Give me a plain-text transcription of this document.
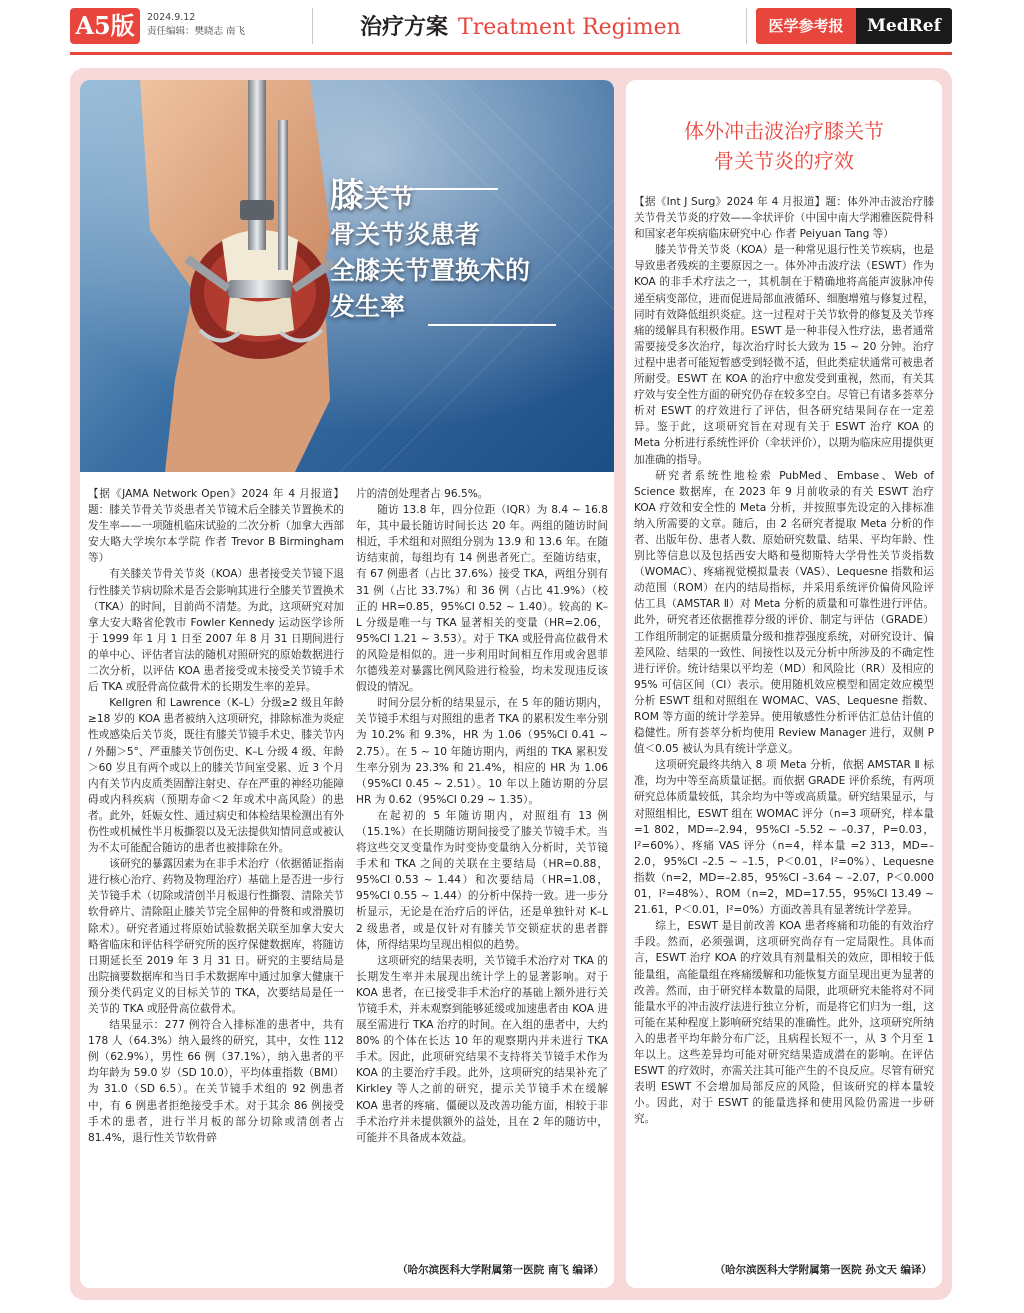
A5版	2024.9.12
责任编辑：樊晓志 南飞	治疗方案 Treatment Regimen	医学参考报	MedRef
膝关节
骨关节炎患者
全膝关节置换术的
发生率

【据《JAMA Network Open》2024 年 4 月报道】题：膝关节骨关节炎患者关节镜术后全膝关节置换术的发生率——一项随机临床试验的二次分析（加拿大西部安大略大学埃尔本学院 作者 Trevor B Birmingham 等）

有关膝关节骨关节炎（KOA）患者接受关节镜下退行性膝关节病切除术是否会影响其进行全膝关节置换术（TKA）的时间，目前尚不清楚。为此，这项研究对加拿大安大略省伦敦市 Fowler Kennedy 运动医学诊所于 1999 年 1 月 1 日至 2007 年 8 月 31 日期间进行的单中心、评估者盲法的随机对照研究的原始数据进行二次分析，以评估 KOA 患者接受或未接受关节镜手术后 TKA 或胫骨高位截骨术的长期发生率的差异。

Kellgren 和 Lawrence（K–L）分级≥2 级且年龄≥18 岁的 KOA 患者被纳入这项研究，排除标准为炎症性或感染后关节炎，既往有膝关节镜手术史、膝关节内 / 外翻＞5°、严重膝关节创伤史、K–L 分级 4 级、年龄＞60 岁且有两个或以上的膝关节间室受累、近 3 个月内有关节内皮质类固醇注射史、存在严重的神经功能障碍或内科疾病（预期寿命＜2 年或术中高风险）的患者。此外，妊娠女性、通过病史和体检结果检测出有外伤性或机械性半月板撕裂以及无法提供知情同意或被认为不太可能配合随访的患者也被排除在外。

该研究的暴露因素为在非手术治疗（依据循证指南进行核心治疗、药物及物理治疗）基础上是否进一步行关节镜手术（切除或清创半月板退行性撕裂、清除关节软骨碎片、清除阻止膝关节完全屈伸的骨赘和或滑膜切除术）。研究者通过将原始试验数据关联至加拿大安大略省临床和评估科学研究所的医疗保健数据库，将随访日期延长至 2019 年 3 月 31 日。研究的主要结局是出院摘要数据库和当日手术数据库中通过加拿大健康干预分类代码定义的目标关节的 TKA，次要结局是任一关节的 TKA 或胫骨高位截骨术。

结果显示：277 例符合入排标准的患者中，共有 178 人（64.3%）纳入最终的研究，其中，女性 112 例（62.9%），男性 66 例（37.1%），纳入患者的平均年龄为 59.0 岁（SD 10.0），平均体重指数（BMI）为 31.0（SD 6.5）。在关节镜手术组的 92 例患者中，有 6 例患者拒绝接受手术。对于其余 86 例接受手术的患者，进行半月板的部分切除或清创者占 81.4%，退行性关节软骨碎

片的清创处理者占 96.5%。

随访 13.8 年，四分位距（IQR）为 8.4 ~ 16.8 年，其中最长随访时间长达 20 年。两组的随访时间相近，手术组和对照组分别为 13.9 和 13.6 年。在随访结束前，每组均有 14 例患者死亡。至随访结束，有 67 例患者（占比 37.6%）接受 TKA，两组分别有 31 例（占比 33.7%）和 36 例（占比 41.9%）（校正的 HR=0.85，95%CI 0.52 ~ 1.40）。较高的 K–L 分级是唯一与 TKA 显著相关的变量（HR=2.06，95%CI 1.21 ~ 3.53）。对于 TKA 或胫骨高位截骨术的风险是相似的。进一步利用时间相互作用或舍恩菲尔德残差对暴露比例风险进行检验，均未发现违反该假设的情况。

时间分层分析的结果显示，在 5 年的随访期内，关节镜手术组与对照组的患者 TKA 的累积发生率分别为 10.2% 和 9.3%，HR 为 1.06（95%CI 0.41 ~ 2.75）。在 5 ~ 10 年随访期内，两组的 TKA 累积发生率分别为 23.3% 和 21.4%，相应的 HR 为 1.06（95%CI 0.45 ~ 2.51）。10 年以上随访期的分层 HR 为 0.62（95%CI 0.29 ~ 1.35）。

在起初的 5 年随访期内，对照组有 13 例（15.1%）在长期随访期间接受了膝关节镜手术。当将这些交叉变量作为时变协变量纳入分析时，关节镜手术和 TKA 之间的关联在主要结局（HR=0.88，95%CI 0.53 ~ 1.44）和次要结局（HR=1.08，95%CI 0.55 ~ 1.44）的分析中保持一致。进一步分析显示，无论是在治疗后的评估，还是单独针对 K–L 2 级患者，或是仅针对有膝关节交锁症状的患者群体，所得结果均呈现出相似的趋势。

这项研究的结果表明，关节镜手术治疗对 TKA 的长期发生率并未展现出统计学上的显著影响。对于 KOA 患者，在已接受非手术治疗的基础上额外进行关节镜手术，并未观察到能够延缓或加速患者由 KOA 进展至需进行 TKA 治疗的时间。在入组的患者中，大约 80% 的个体在长达 10 年的观察期内并未进行 TKA 手术。因此，此项研究结果不支持将关节镜手术作为 KOA 的主要治疗手段。此外，这项研究的结果补充了 Kirkley 等人之前的研究，提示关节镜手术在缓解 KOA 患者的疼痛、僵硬以及改善功能方面，相较于非手术治疗并未提供额外的益处，且在 2 年的随访中，可能并不具备成本效益。

（哈尔滨医科大学附属第一医院 南飞 编译）
体外冲击波治疗膝关节
骨关节炎的疗效

【据《Int J Surg》2024 年 4 月报道】题：体外冲击波治疗膝关节骨关节炎的疗效——伞状评价（中国中南大学湘雅医院骨科和国家老年疾病临床研究中心 作者 Peiyuan Tang 等）

膝关节骨关节炎（KOA）是一种常见退行性关节疾病，也是导致患者残疾的主要原因之一。体外冲击波疗法（ESWT）作为 KOA 的非手术疗法之一，其机制在于精确地将高能声波脉冲传递至病变部位，进而促进局部血液循环、细胞增殖与修复过程，同时有效降低组织炎症。这一过程对于关节软骨的修复及关节疼痛的缓解具有积极作用。ESWT 是一种非侵入性疗法，患者通常需要接受多次治疗，每次治疗时长大致为 15 ~ 20 分钟。治疗过程中患者可能短暂感受到轻微不适，但此类症状通常可被患者所耐受。ESWT 在 KOA 的治疗中愈发受到重视，然而，有关其疗效与安全性方面的研究仍存在较多空白。尽管已有诸多荟萃分析对 ESWT 的疗效进行了评估，但各研究结果间存在一定差异。鉴于此，这项研究旨在对现有关于 ESWT 治疗 KOA 的 Meta 分析进行系统性评价（伞状评价），以期为临床应用提供更加准确的指导。

研究者系统性地检索 PubMed、Embase、Web of Science 数据库，在 2023 年 9 月前收录的有关 ESWT 治疗 KOA 疗效和安全性的 Meta 分析，并按照事先设定的入排标准纳入所需要的文章。随后，由 2 名研究者提取 Meta 分析的作者、出版年份、患者人数、原始研究数量、结果、平均年龄、性别比等信息以及包括西安大略和曼彻斯特大学骨性关节炎指数（WOMAC）、疼痛视觉模拟量表（VAS）、Lequesne 指数和运动范围（ROM）在内的结局指标，并采用系统评价偏倚风险评估工具（AMSTAR Ⅱ）对 Meta 分析的质量和可靠性进行评估。此外，研究者还依据推荐分级的评价、制定与评估（GRADE）工作组所制定的证据质量分级和推荐强度系统，对研究设计、偏差风险、结果的一致性、间接性以及元分析中所涉及的不确定性进行评价。统计结果以平均差（MD）和风险比（RR）及相应的 95% 可信区间（CI）表示。使用随机效应模型和固定效应模型分析 ESWT 组和对照组在 WOMAC、VAS、Lequesne 指数、ROM 等方面的统计学差异。使用敏感性分析评估汇总估计值的稳健性。所有荟萃分析均使用 Review Manager 进行，双侧 P 值＜0.05 被认为具有统计学意义。

这项研究最终共纳入 8 项 Meta 分析，依据 AMSTAR Ⅱ 标准，均为中等至高质量证据。而依据 GRADE 评价系统，有两项研究总体质量较低，其余均为中等或高质量。研究结果显示，与对照组相比，ESWT 组在 WOMAC 评分（n=3 项研究，样本量 =1 802，MD=–2.94，95%CI –5.52 ~ –0.37，P=0.03，I²=60%）、疼痛 VAS 评分（n=4，样本量 =2 313，MD=–2.0，95%CI –2.5 ~ –1.5，P＜0.01，I²=0%）、Lequesne 指数（n=2，MD=–2.85，95%CI –3.64 ~ –2.07，P＜0.000 01，I²=48%）、ROM（n=2，MD=17.55，95%CI 13.49 ~ 21.61，P＜0.01，I²=0%）方面改善具有显著统计学差异。

综上，ESWT 是目前改善 KOA 患者疼痛和功能的有效治疗手段。然而，必须强调，这项研究尚存有一定局限性。具体而言，ESWT 治疗 KOA 的疗效具有剂量相关的效应，即相较于低能量组，高能量组在疼痛缓解和功能恢复方面呈现出更为显著的改善。然而，由于研究样本数量的局限，此项研究未能将对不同能量水平的冲击波疗法进行独立分析，而是将它们归为一组，这可能在某种程度上影响研究结果的准确性。此外，这项研究所纳入的患者平均年龄分布广泛，且病程长短不一，从 3 个月至 1 年以上。这些差异均可能对研究结果造成潜在的影响。在评估 ESWT 的疗效时，亦需关注其可能产生的不良反应。尽管有研究表明 ESWT 不会增加局部反应的风险，但该研究的样本量较小。因此，对于 ESWT 的能量选择和使用风险仍需进一步研究。

（哈尔滨医科大学附属第一医院 孙文天 编译）
